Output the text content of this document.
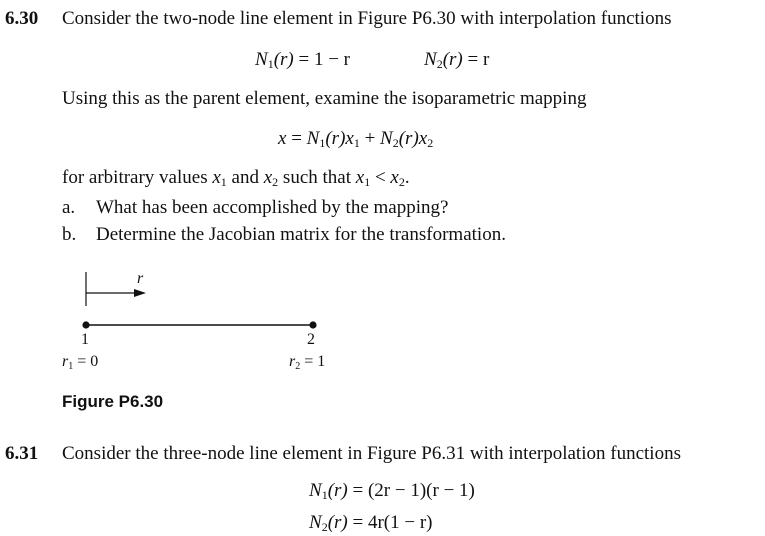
6.30 Consider the two-node line element in Figure P6.30 with interpolation functions
$N_1(r) = 1 - r$	$N_2(r) = r$
Using this as the parent element, examine the isoparametric mapping
$x = N_1(r)x_1 + N_2(r)x_2$
for arbitrary values $x_1$ and $x_2$ such that $x_1 < x_2$.
a. What has been accomplished by the mapping?
b. Determine the Jacobian matrix for the transformation.
r
1	2
$r_1 = 0$	$r_2 = 1$
Figure P6.30
6.31 Consider the three-node line element in Figure P6.31 with interpolation functions
$N_1(r) = (2r - 1)(r - 1)$
$N_2(r) = 4r(1 - r)$
